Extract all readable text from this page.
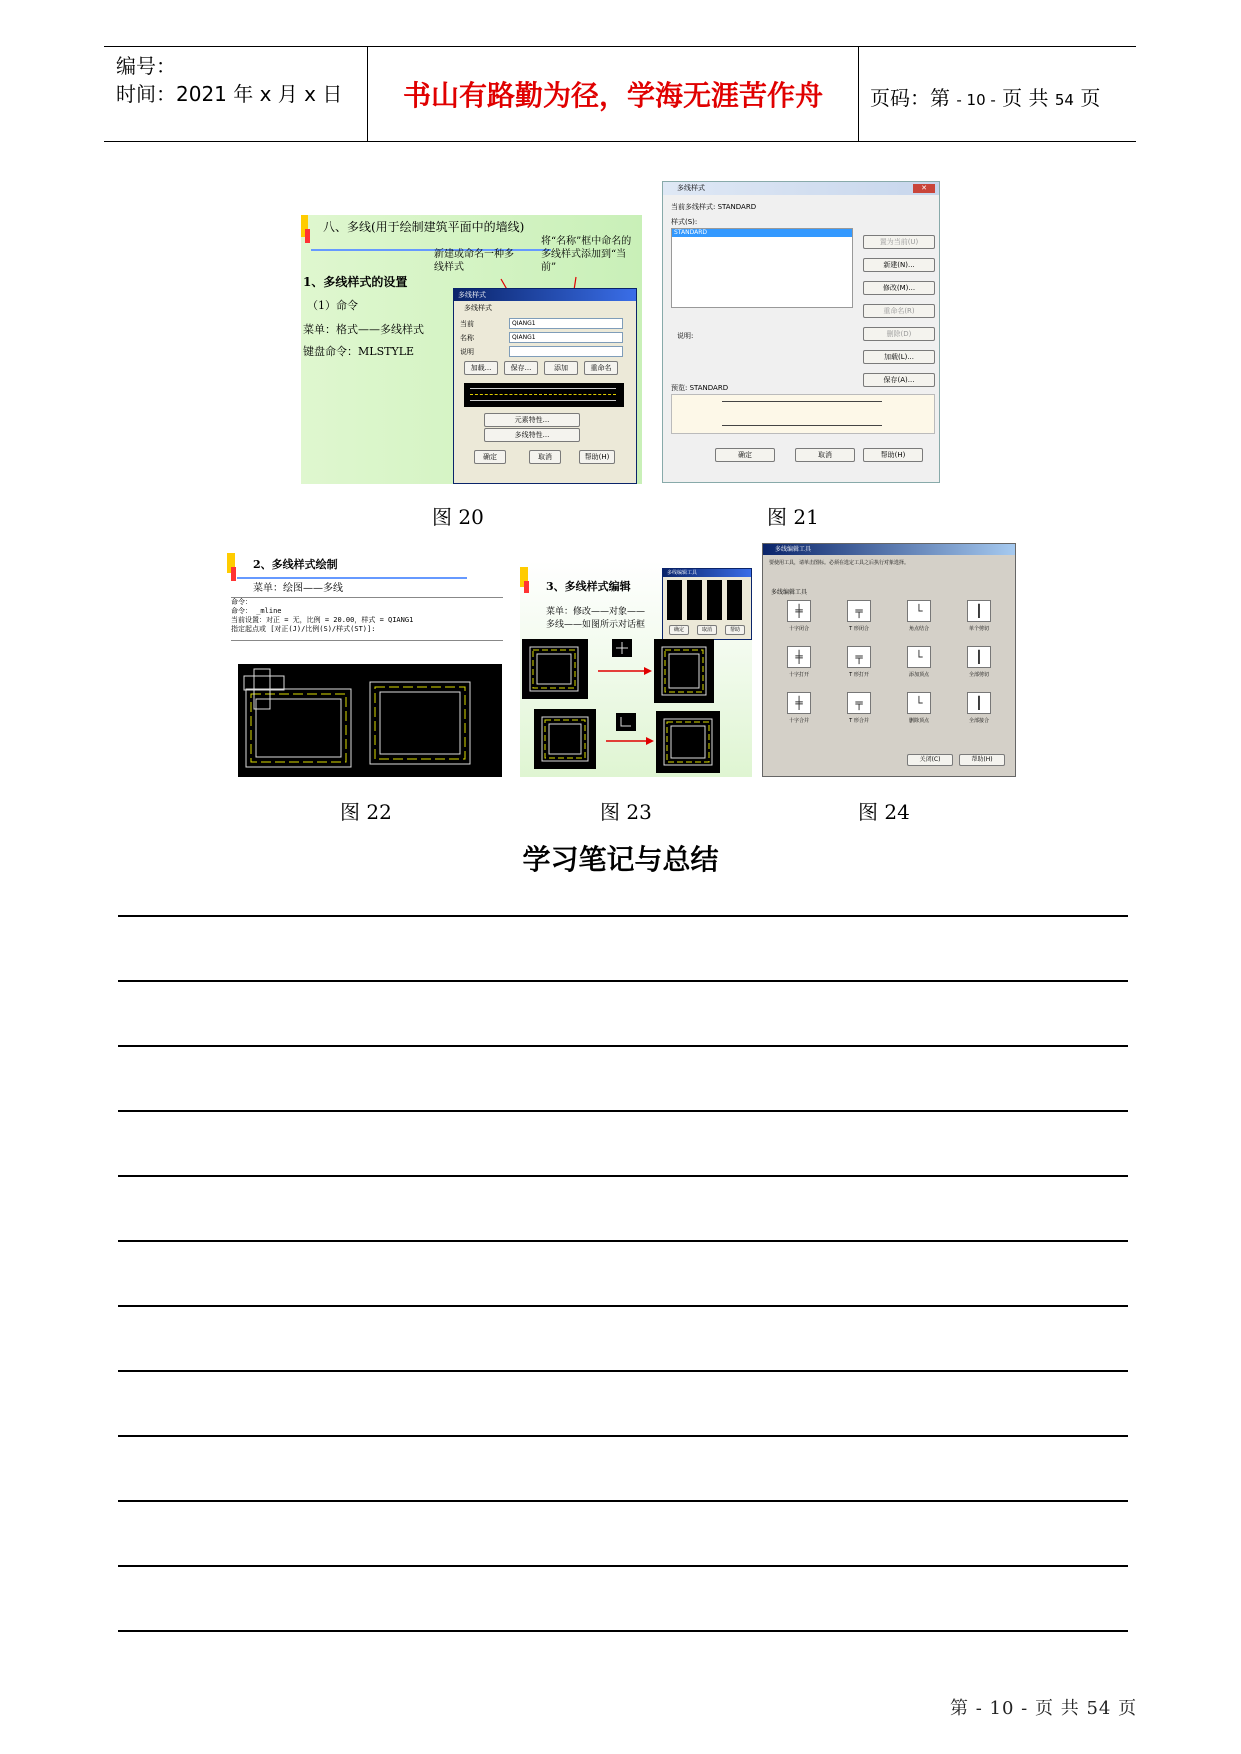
编号：
时间：2021 年 x 月 x 日	书山有路勤为径，学海无涯苦作舟	页码：第 - 10 - 页 共 54 页
八、多线(用于绘制建筑平面中的墙线)
新建或命名一种多线样式
将“名称”框中命名的多线样式添加到“当前”
1、多线样式的设置
（1）命令
菜单：格式——多线样式
键盘命令：MLSTYLE
多线样式
多线样式
当前	QIANG1
名称	QIANG1
说明
加载...	保存...	添加	重命名
元素特性...
多线特性...
确定	取消	帮助(H)
多线样式	✕
当前多线样式: STANDARD
样式(S):
STANDARD
置为当前(U)
新建(N)...
修改(M)...
重命名(R)
删除(D)
加载(L)...
保存(A)...
说明:
预览: STANDARD
确定	取消	帮助(H)
图 20	图 21
2、多线样式绘制
菜单：绘图——多线
命令：
命令： _mline
当前设置：对正 = 无，比例 = 20.00，样式 = QIANG1
指定起点或 [对正(J)/比例(S)/样式(ST)]:
3、多线样式编辑
菜单：修改——对象——
多线——如图所示对话框
多线编辑工具
确定	取消	帮助
多线编辑工具
要使用工具，请单击图标。必须在选定工具之后执行对象选择。
多线编辑工具
╪
十字闭合
╤
T 形闭合
└
角点结合
┃
单个剪切
╪
十字打开
╤
T 形打开
└
添加顶点
┃
全部剪切
╪
十字合并
╤
T 形合并
└
删除顶点
┃
全部接合
关闭(C)	帮助(H)
图 22	图 23	图 24
学习笔记与总结
第 - 10 - 页 共 54 页
